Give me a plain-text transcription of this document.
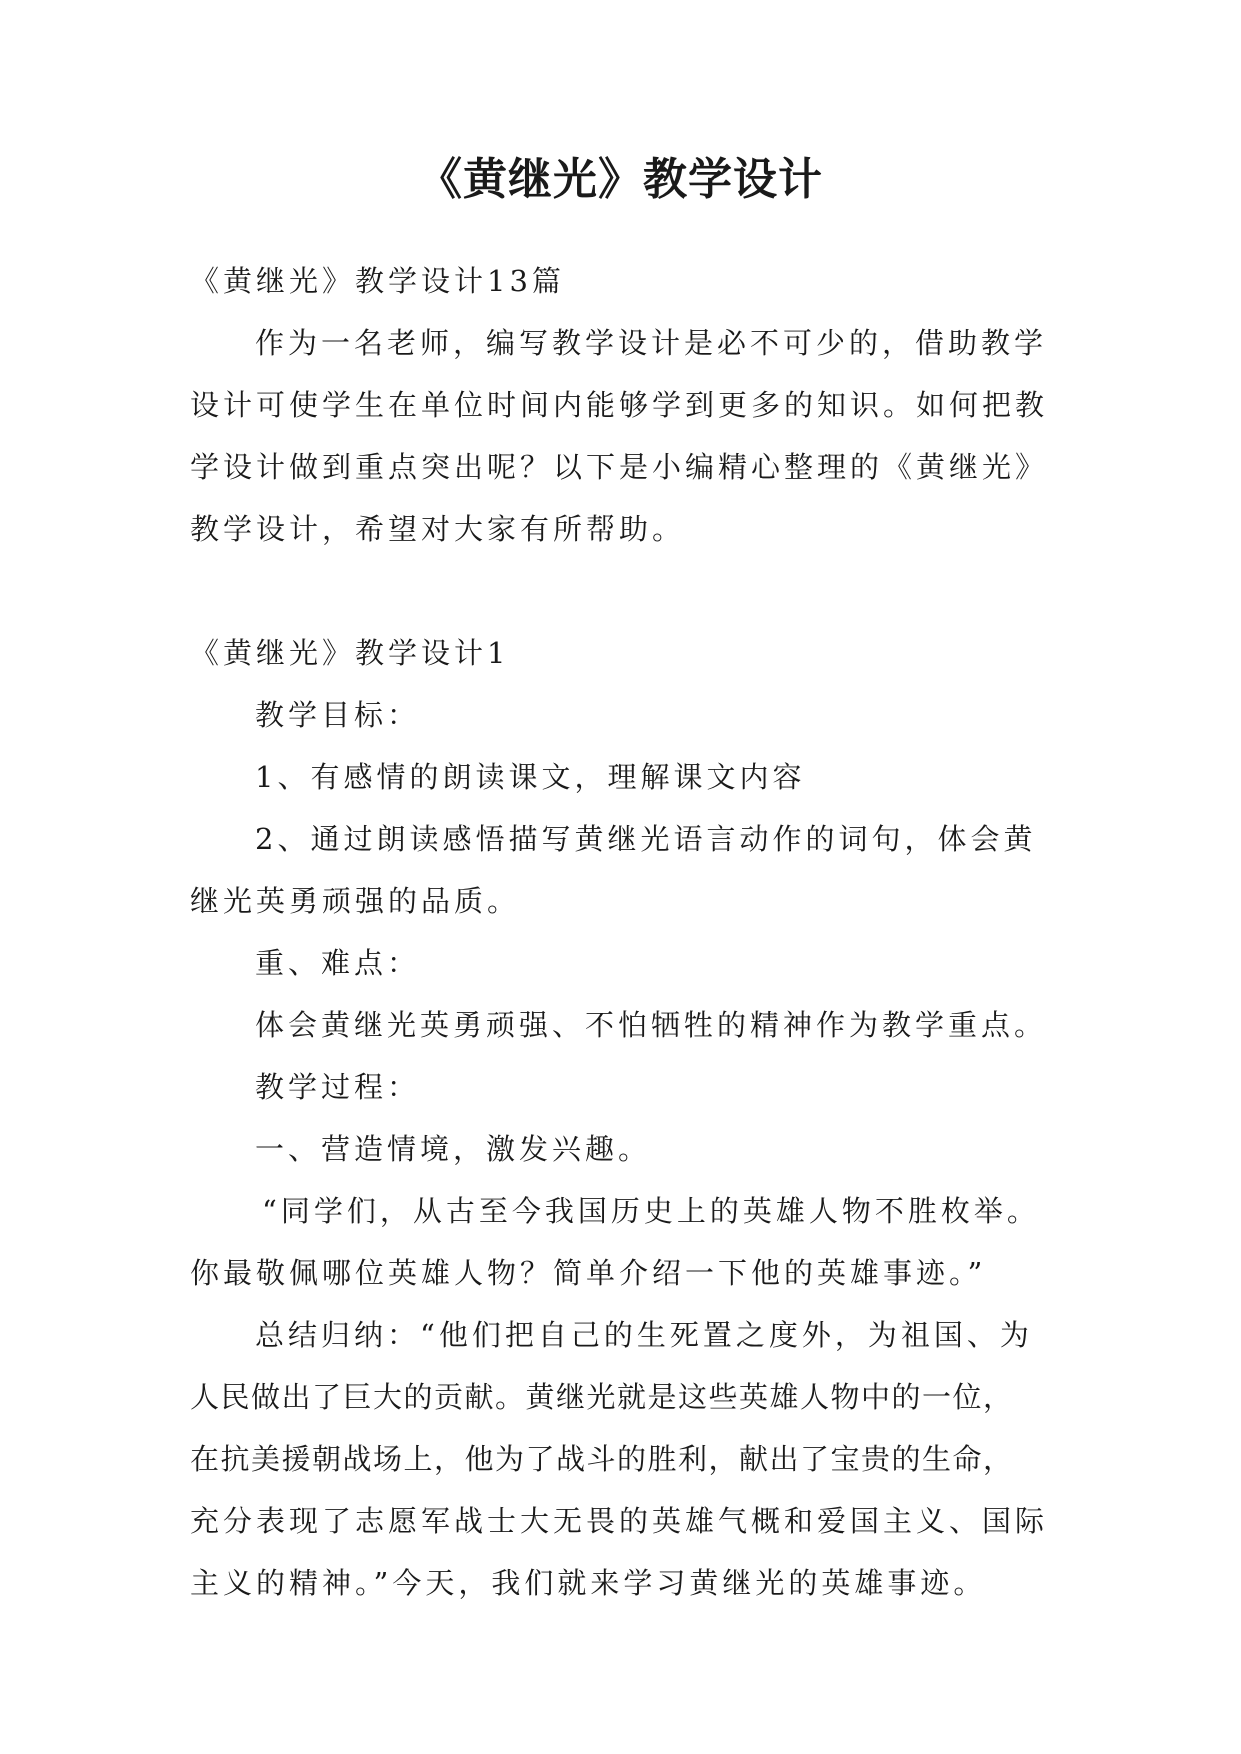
《黄继光》教学设计

《黄继光》教学设计13篇

作为一名老师，编写教学设计是必不可少的，借助教学

设计可使学生在单位时间内能够学到更多的知识。如何把教

学设计做到重点突出呢？以下是小编精心整理的《黄继光》

教学设计，希望对大家有所帮助。

《黄继光》教学设计1

教学目标：

1、有感情的朗读课文，理解课文内容

2、通过朗读感悟描写黄继光语言动作的词句，体会黄

继光英勇顽强的品质。

重、难点：

体会黄继光英勇顽强、不怕牺牲的精神作为教学重点。

教学过程：

一、营造情境，激发兴趣。

“同学们，从古至今我国历史上的英雄人物不胜枚举。

你最敬佩哪位英雄人物？简单介绍一下他的英雄事迹。”

总结归纳：“他们把自己的生死置之度外，为祖国、为

人民做出了巨大的贡献。黄继光就是这些英雄人物中的一位，

在抗美援朝战场上，他为了战斗的胜利，献出了宝贵的生命，

充分表现了志愿军战士大无畏的英雄气概和爱国主义、国际

主义的精神。”今天，我们就来学习黄继光的英雄事迹。
